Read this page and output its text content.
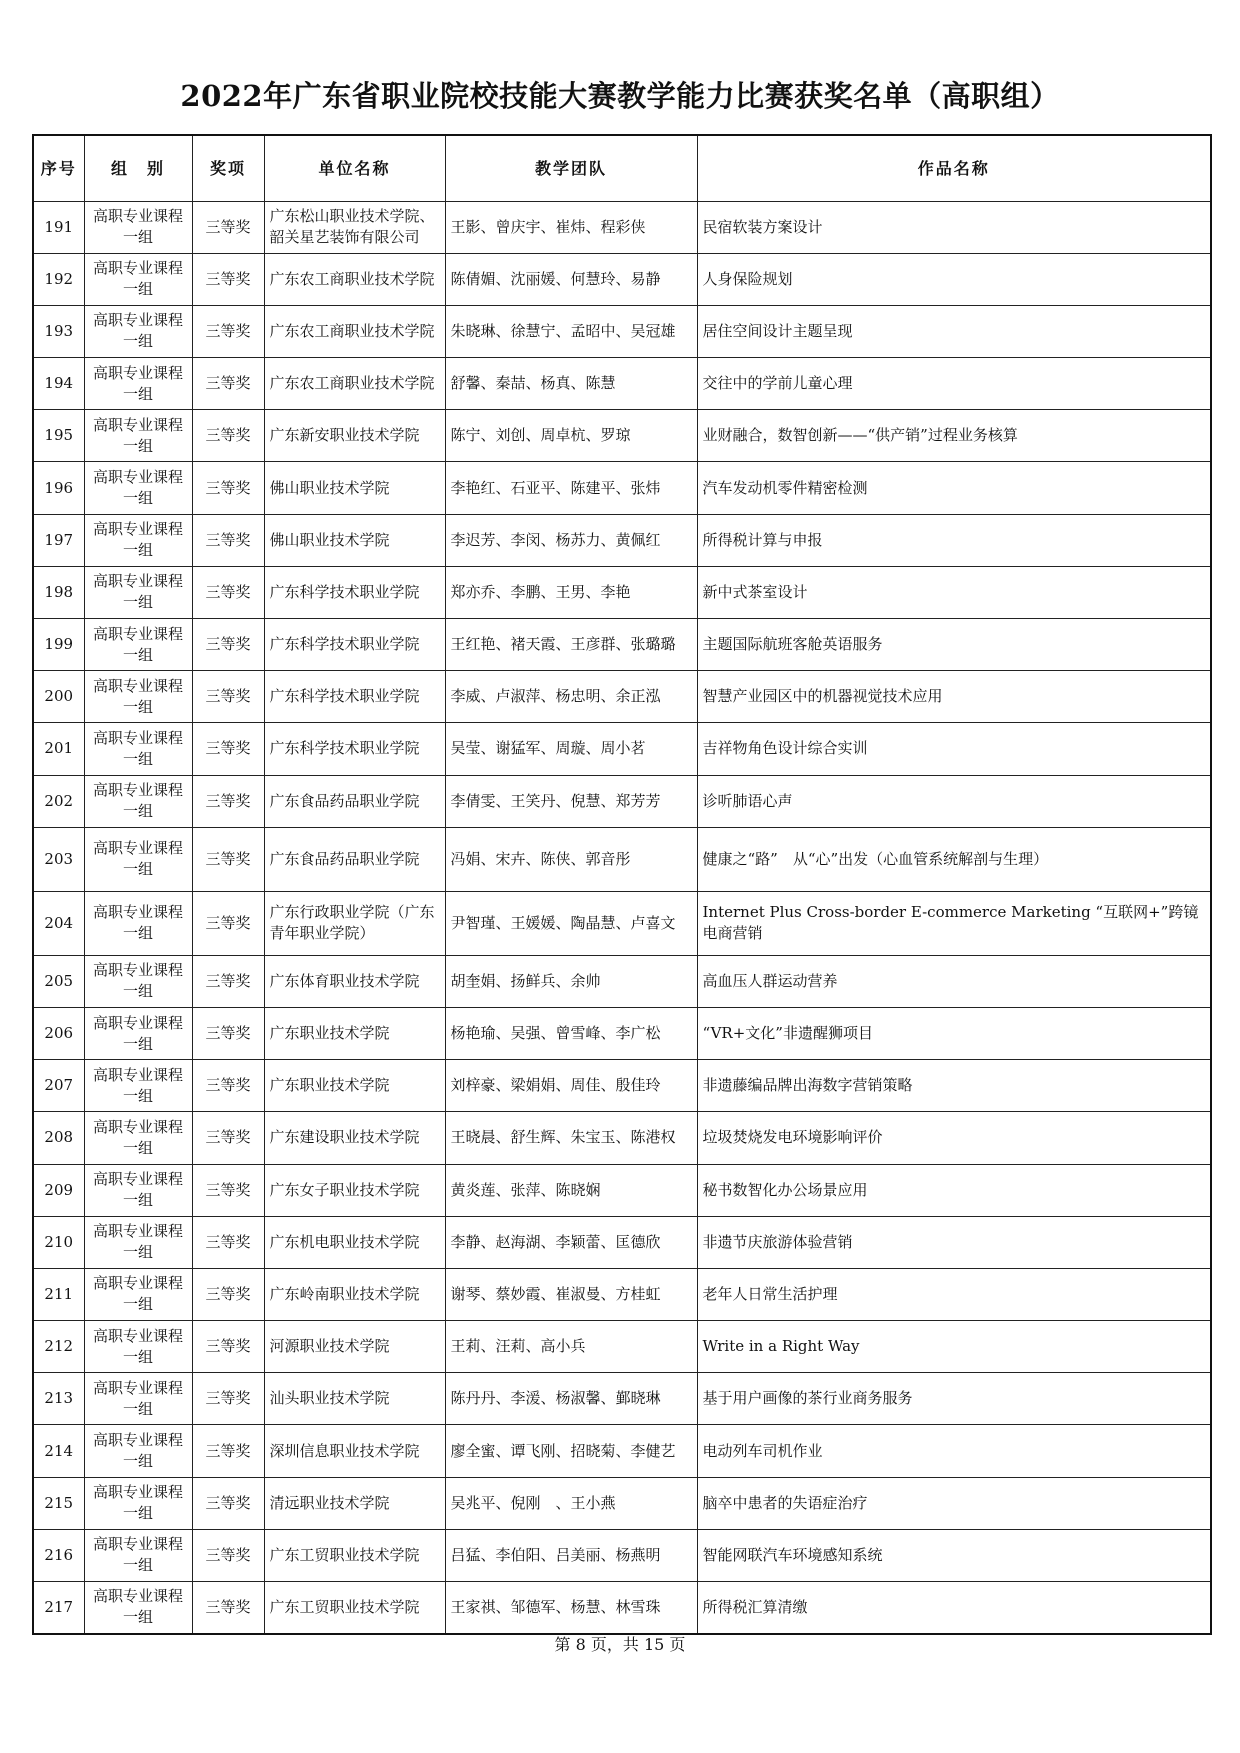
2022年广东省职业院校技能大赛教学能力比赛获奖名单（高职组）
序号	组　别	奖项	单位名称	教学团队	作品名称
191	高职专业课程一组	三等奖	广东松山职业技术学院、韶关星艺装饰有限公司	王影、曾庆宇、崔炜、程彩侠	民宿软装方案设计
192	高职专业课程一组	三等奖	广东农工商职业技术学院	陈倩媚、沈丽媛、何慧玲、易静	人身保险规划
193	高职专业课程一组	三等奖	广东农工商职业技术学院	朱晓琳、徐慧宁、孟昭中、吴冠雄	居住空间设计主题呈现
194	高职专业课程一组	三等奖	广东农工商职业技术学院	舒馨、秦喆、杨真、陈慧	交往中的学前儿童心理
195	高职专业课程一组	三等奖	广东新安职业技术学院	陈宁、刘创、周卓杭、罗琼	业财融合，数智创新——“供产销”过程业务核算
196	高职专业课程一组	三等奖	佛山职业技术学院	李艳红、石亚平、陈建平、张炜	汽车发动机零件精密检测
197	高职专业课程一组	三等奖	佛山职业技术学院	李迟芳、李闵、杨苏力、黄佩红	所得税计算与申报
198	高职专业课程一组	三等奖	广东科学技术职业学院	郑亦乔、李鹏、王男、李艳	新中式茶室设计
199	高职专业课程一组	三等奖	广东科学技术职业学院	王红艳、褚天霞、王彦群、张璐璐	主题国际航班客舱英语服务
200	高职专业课程一组	三等奖	广东科学技术职业学院	李威、卢淑萍、杨忠明、余正泓	智慧产业园区中的机器视觉技术应用
201	高职专业课程一组	三等奖	广东科学技术职业学院	吴莹、谢猛军、周璇、周小茗	吉祥物角色设计综合实训
202	高职专业课程一组	三等奖	广东食品药品职业学院	李倩雯、王笑丹、倪慧、郑芳芳	诊听肺语心声
203	高职专业课程一组	三等奖	广东食品药品职业学院	冯娟、宋卉、陈侠、郭音彤	健康之“路”　从“心”出发（心血管系统解剖与生理）
204	高职专业课程一组	三等奖	广东行政职业学院（广东青年职业学院）	尹智瑾、王媛媛、陶晶慧、卢喜文	Internet Plus Cross-border E-commerce Marketing “互联网+”跨镜电商营销
205	高职专业课程一组	三等奖	广东体育职业技术学院	胡奎娟、扬鲜兵、余帅	高血压人群运动营养
206	高职专业课程一组	三等奖	广东职业技术学院	杨艳瑜、吴强、曾雪峰、李广松	“VR+文化”非遗醒狮项目
207	高职专业课程一组	三等奖	广东职业技术学院	刘梓豪、梁娟娟、周佳、殷佳玲	非遗藤编品牌出海数字营销策略
208	高职专业课程一组	三等奖	广东建设职业技术学院	王晓晨、舒生辉、朱宝玉、陈港权	垃圾焚烧发电环境影响评价
209	高职专业课程一组	三等奖	广东女子职业技术学院	黄炎莲、张萍、陈晓娴	秘书数智化办公场景应用
210	高职专业课程一组	三等奖	广东机电职业技术学院	李静、赵海湖、李颖蕾、匡德欣	非遗节庆旅游体验营销
211	高职专业课程一组	三等奖	广东岭南职业技术学院	谢琴、蔡妙霞、崔淑曼、方桂虹	老年人日常生活护理
212	高职专业课程一组	三等奖	河源职业技术学院	王莉、汪莉、高小兵	Write in a Right Way
213	高职专业课程一组	三等奖	汕头职业技术学院	陈丹丹、李湲、杨淑馨、鄞晓琳	基于用户画像的茶行业商务服务
214	高职专业课程一组	三等奖	深圳信息职业技术学院	廖全蜜、谭飞刚、招晓菊、李健艺	电动列车司机作业
215	高职专业课程一组	三等奖	清远职业技术学院	吴兆平、倪刚　、王小燕	脑卒中患者的失语症治疗
216	高职专业课程一组	三等奖	广东工贸职业技术学院	吕猛、李伯阳、吕美丽、杨燕明	智能网联汽车环境感知系统
217	高职专业课程一组	三等奖	广东工贸职业技术学院	王家祺、邹德军、杨慧、林雪珠	所得税汇算清缴
第 8 页，共 15 页
